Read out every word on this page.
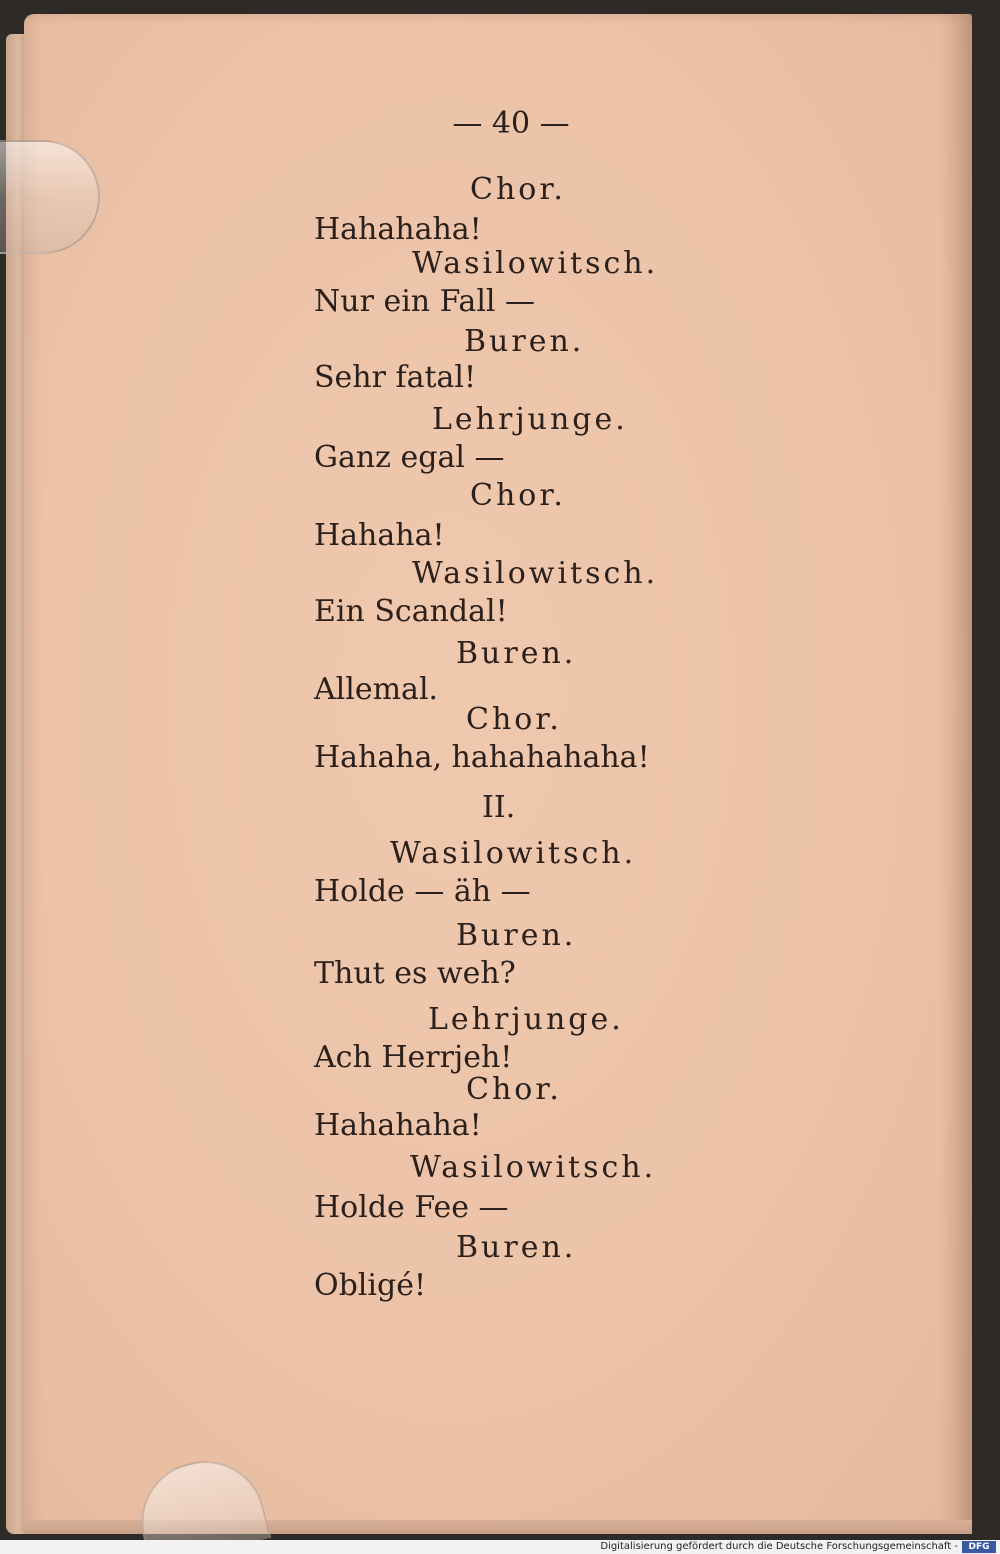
— 40 —
Chor.
Hahahaha!
Wasilowitsch.
Nur ein Fall —
Buren.
Sehr fatal!
Lehrjunge.
Ganz egal —
Chor.
Hahaha!
Wasilowitsch.
Ein Scandal!
Buren.
Allemal.
Chor.
Hahaha, hahahahaha!
II.
Wasilowitsch.
Holde — äh —
Buren.
Thut es weh?
Lehrjunge.
Ach Herrjeh!
Chor.
Hahahaha!
Wasilowitsch.
Holde Fee —
Buren.
Obligé!
Digitalisierung gefördert durch die Deutsche Forschungsgemeinschaft -	DFG
